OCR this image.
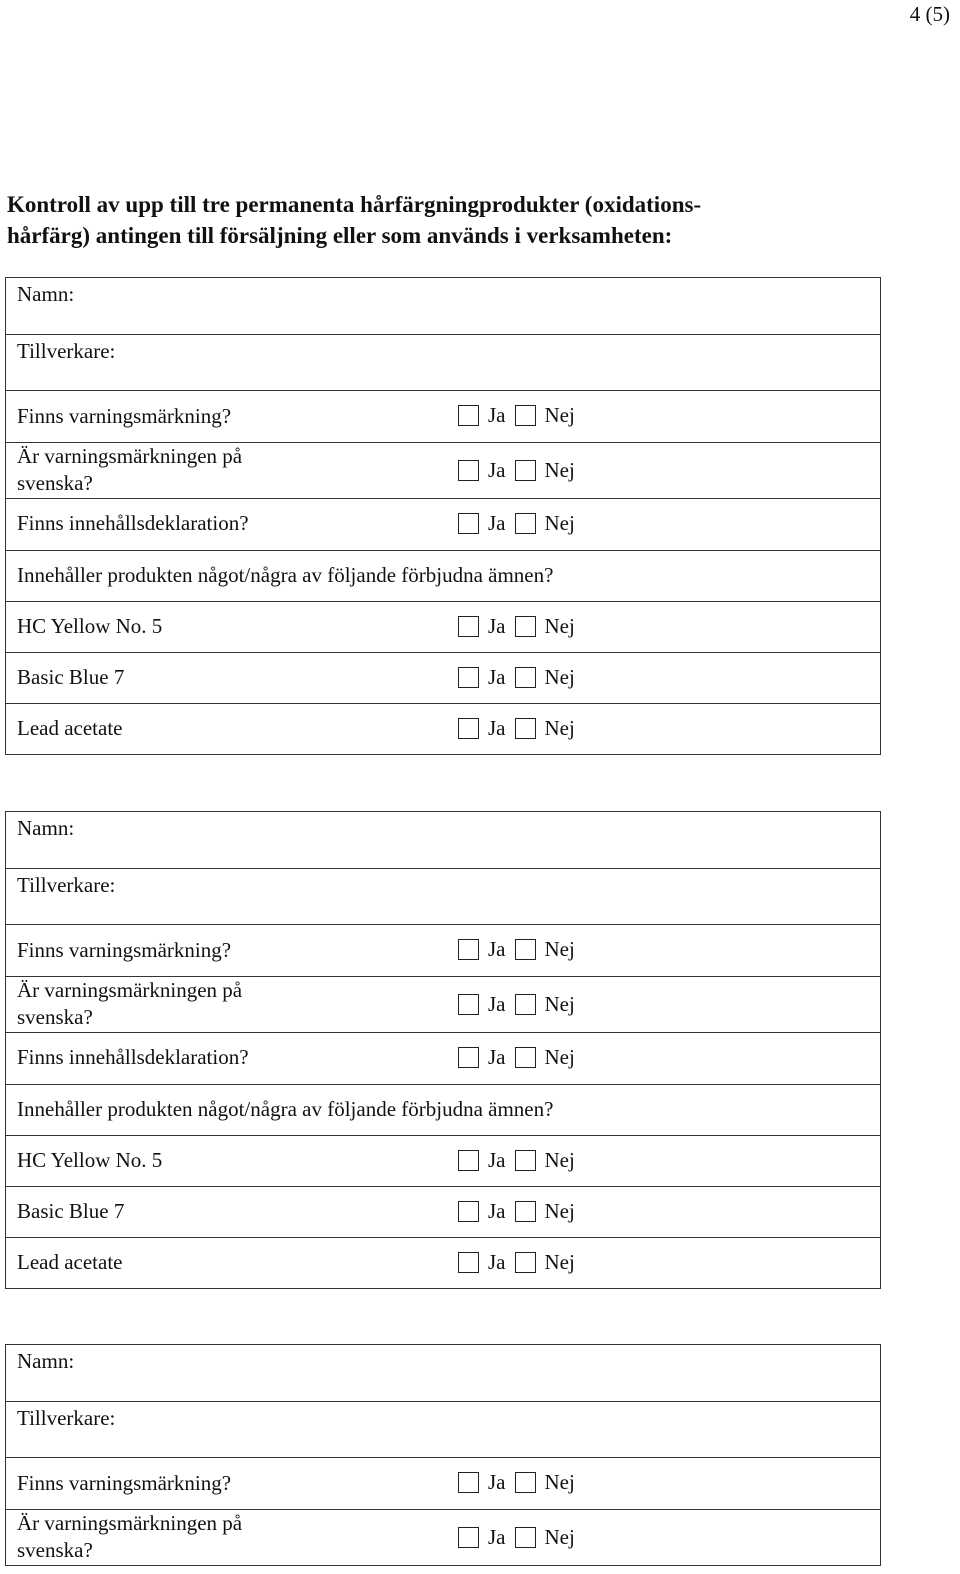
4 (5)
Kontroll av upp till tre permanenta hårfärgningprodukter (oxidations-
hårfärg) antingen till försäljning eller som används i verksamheten:
Namn:
Tillverkare:
Finns varningsmärkning?	Ja Nej
Är varningsmärkningen på
svenska?
Ja Nej
Finns innehållsdeklaration?	Ja Nej
Innehåller produkten något/några av följande förbjudna ämnen?
HC Yellow No. 5	Ja Nej
Basic Blue 7	Ja Nej
Lead acetate	Ja Nej
Namn:
Tillverkare:
Finns varningsmärkning?	Ja Nej
Är varningsmärkningen på
svenska?
Ja Nej
Finns innehållsdeklaration?	Ja Nej
Innehåller produkten något/några av följande förbjudna ämnen?
HC Yellow No. 5	Ja Nej
Basic Blue 7	Ja Nej
Lead acetate	Ja Nej
Namn:
Tillverkare:
Finns varningsmärkning?	Ja Nej
Är varningsmärkningen på
svenska?
Ja Nej
